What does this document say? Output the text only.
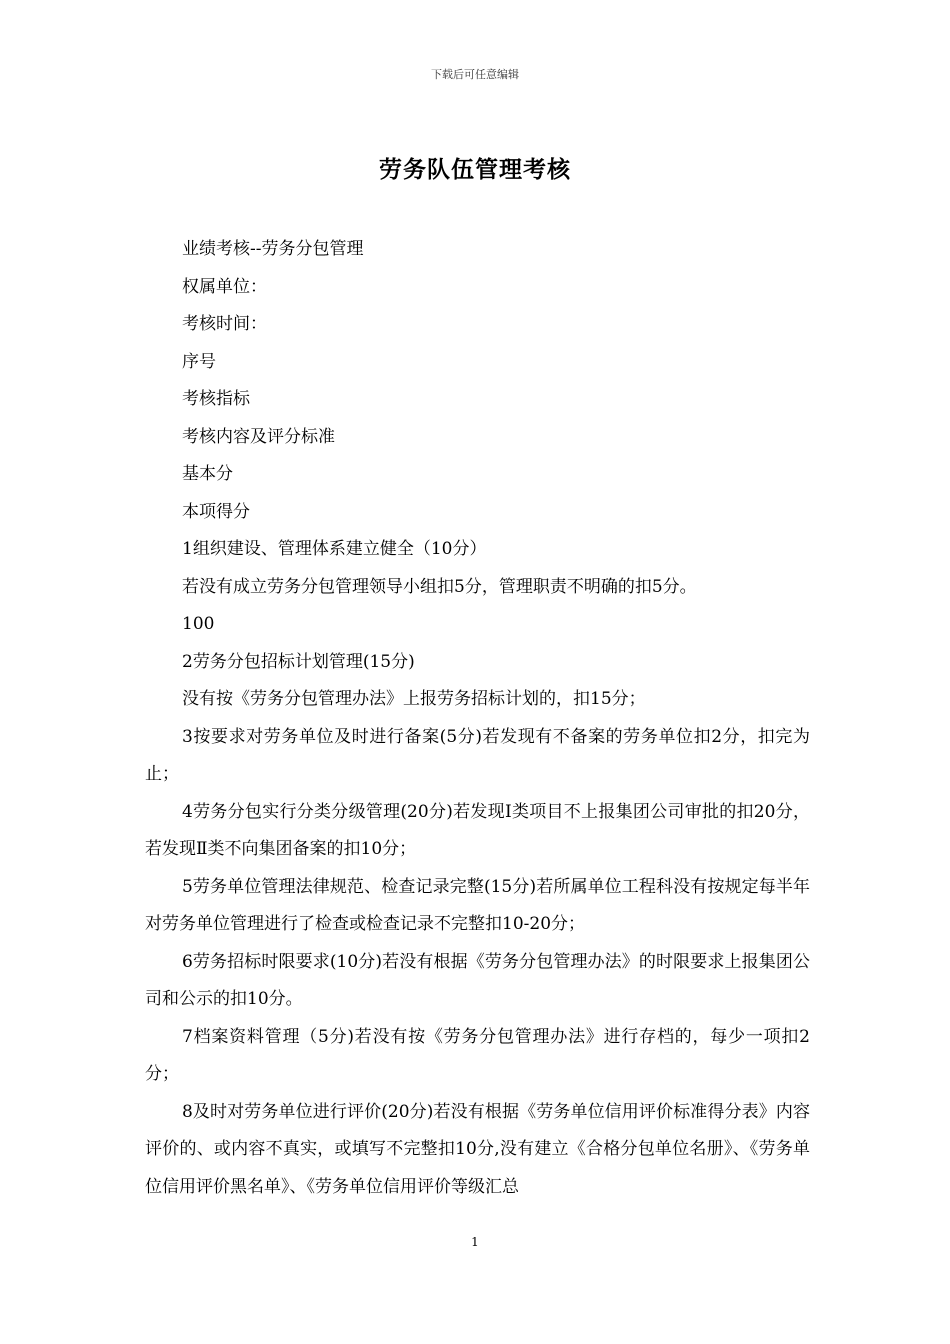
下载后可任意编辑
劳务队伍管理考核

业绩考核--劳务分包管理

权属单位：

考核时间：

序号

考核指标

考核内容及评分标准

基本分

本项得分

1组织建设、管理体系建立健全（10分）

若没有成立劳务分包管理领导小组扣5分，管理职责不明确的扣5分。

100

2劳务分包招标计划管理(15分)

没有按《劳务分包管理办法》上报劳务招标计划的，扣15分；

3按要求对劳务单位及时进行备案(5分)若发现有不备案的劳务单位扣2分，扣完为止；

4劳务分包实行分类分级管理(20分)若发现Ⅰ类项目不上报集团公司审批的扣20分，若发现Ⅱ类不向集团备案的扣10分；

5劳务单位管理法律规范、检查记录完整(15分)若所属单位工程科没有按规定每半年对劳务单位管理进行了检查或检查记录不完整扣10-20分；

6劳务招标时限要求(10分)若没有根据《劳务分包管理办法》的时限要求上报集团公司和公示的扣10分。

7档案资料管理（5分)若没有按《劳务分包管理办法》进行存档的，每少一项扣2分；

8及时对劳务单位进行评价(20分)若没有根据《劳务单位信用评价标准得分表》内容评价的、或内容不真实，或填写不完整扣10分,没有建立《合格分包单位名册》、《劳务单位信用评价黑名单》、《劳务单位信用评价等级汇总

1
